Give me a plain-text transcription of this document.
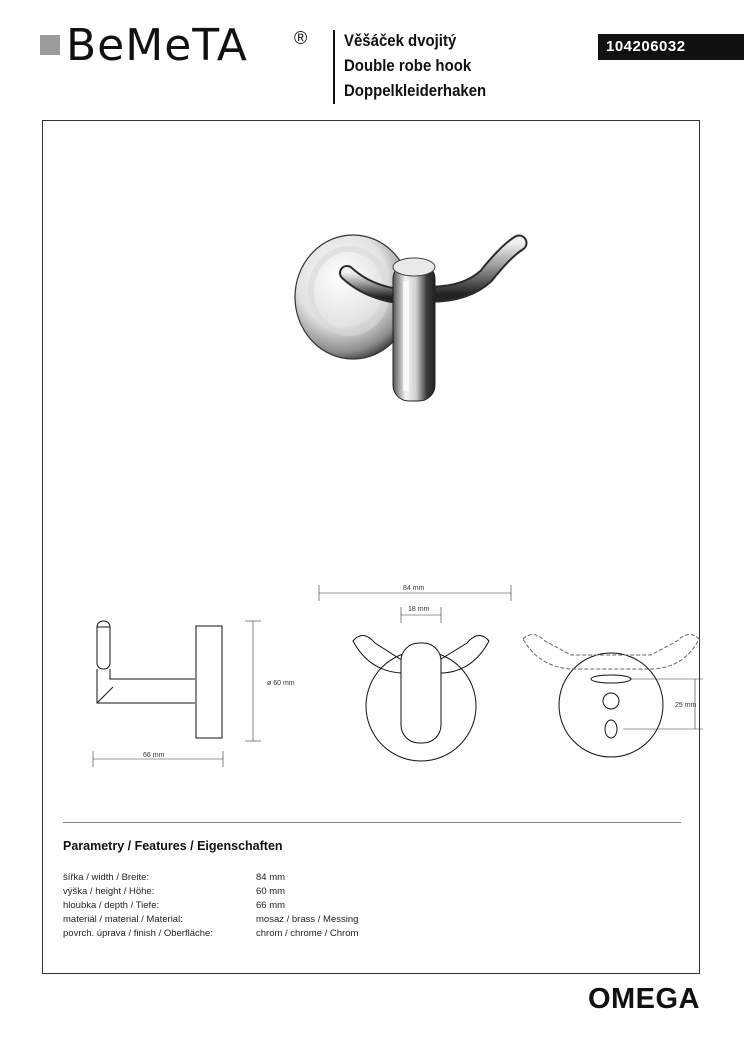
BeMeTA	® Věšáček dvojitý
Double robe hook
Doppelkleiderhaken
104206032
ø 60 mm
66 mm
84 mm
18 mm
25 mm
Parametry / Features / Eigenschaften
šířka / width / Breite:	84 mm
výška / height / Höhe:	60 mm
hloubka / depth / Tiefe:	66 mm
materiál / material / Material:	mosaz / brass / Messing
povrch. úprava / finish / Oberfläche:	chrom / chrome / Chrom
OMEGA
